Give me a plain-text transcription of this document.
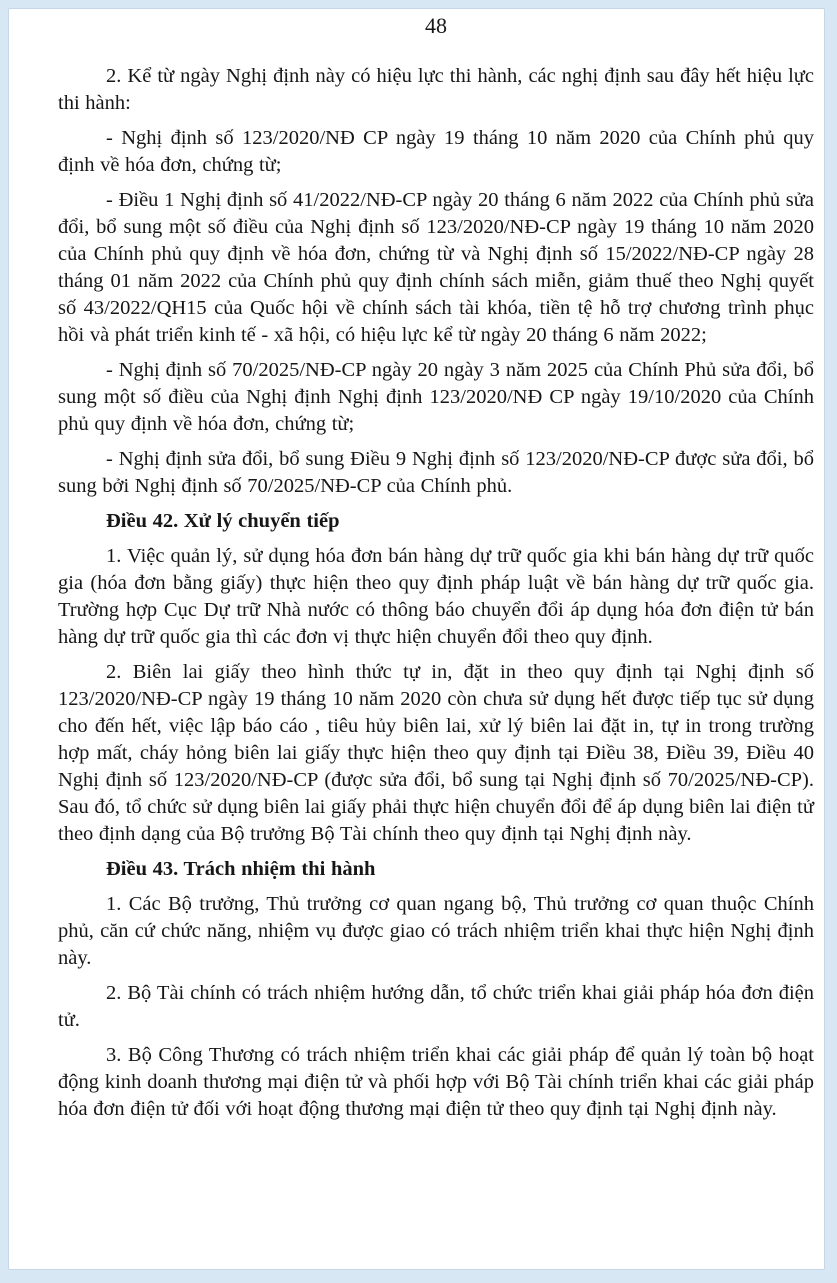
48

2. Kể từ ngày Nghị định này có hiệu lực thi hành, các nghị định sau đây hết hiệu lực thi hành:

- Nghị định số 123/2020/NĐ CP ngày 19 tháng 10 năm 2020 của Chính phủ quy định về hóa đơn, chứng từ;

- Điều 1 Nghị định số 41/2022/NĐ-CP ngày 20 tháng 6 năm 2022 của Chính phủ sửa đổi, bổ sung một số điều của Nghị định số 123/2020/NĐ-CP ngày 19 tháng 10 năm 2020 của Chính phủ quy định về hóa đơn, chứng từ và Nghị định số 15/2022/NĐ-CP ngày 28 tháng 01 năm 2022 của Chính phủ quy định chính sách miễn, giảm thuế theo Nghị quyết số 43/2022/QH15 của Quốc hội về chính sách tài khóa, tiền tệ hỗ trợ chương trình phục hồi và phát triển kinh tế - xã hội, có hiệu lực kể từ ngày 20 tháng 6 năm 2022;

- Nghị định số 70/2025/NĐ-CP ngày 20 ngày 3 năm 2025 của Chính Phủ sửa đổi, bổ sung một số điều của Nghị định Nghị định 123/2020/NĐ CP ngày 19/10/2020 của Chính phủ quy định về hóa đơn, chứng từ;

- Nghị định sửa đổi, bổ sung Điều 9 Nghị định số 123/2020/NĐ-CP được sửa đổi, bổ sung bởi Nghị định số 70/2025/NĐ-CP của Chính phủ.

Điều 42. Xử lý chuyển tiếp

1. Việc quản lý, sử dụng hóa đơn bán hàng dự trữ quốc gia khi bán hàng dự trữ quốc gia (hóa đơn bằng giấy) thực hiện theo quy định pháp luật về bán hàng dự trữ quốc gia. Trường hợp Cục Dự trữ Nhà nước có thông báo chuyển đổi áp dụng hóa đơn điện tử bán hàng dự trữ quốc gia thì các đơn vị thực hiện chuyển đổi theo quy định.

2. Biên lai giấy theo hình thức tự in, đặt in theo quy định tại Nghị định số 123/2020/NĐ-CP ngày 19 tháng 10 năm 2020 còn chưa sử dụng hết được tiếp tục sử dụng cho đến hết, việc lập báo cáo , tiêu hủy biên lai, xử lý biên lai đặt in, tự in trong trường hợp mất, cháy hỏng biên lai giấy thực hiện theo quy định tại Điều 38, Điều 39, Điều 40 Nghị định số 123/2020/NĐ-CP (được sửa đổi, bổ sung tại Nghị định số 70/2025/NĐ-CP). Sau đó, tổ chức sử dụng biên lai giấy phải thực hiện chuyển đổi để áp dụng biên lai điện tử theo định dạng của Bộ trưởng Bộ Tài chính theo quy định tại Nghị định này.

Điều 43. Trách nhiệm thi hành

1. Các Bộ trưởng, Thủ trưởng cơ quan ngang bộ, Thủ trưởng cơ quan thuộc Chính phủ, căn cứ chức năng, nhiệm vụ được giao có trách nhiệm triển khai thực hiện Nghị định này.

2. Bộ Tài chính có trách nhiệm hướng dẫn, tổ chức triển khai giải pháp hóa đơn điện tử.

3. Bộ Công Thương có trách nhiệm triển khai các giải pháp để quản lý toàn bộ hoạt động kinh doanh thương mại điện tử và phối hợp với Bộ Tài chính triển khai các giải pháp hóa đơn điện tử đối với hoạt động thương mại điện tử theo quy định tại Nghị định này.
